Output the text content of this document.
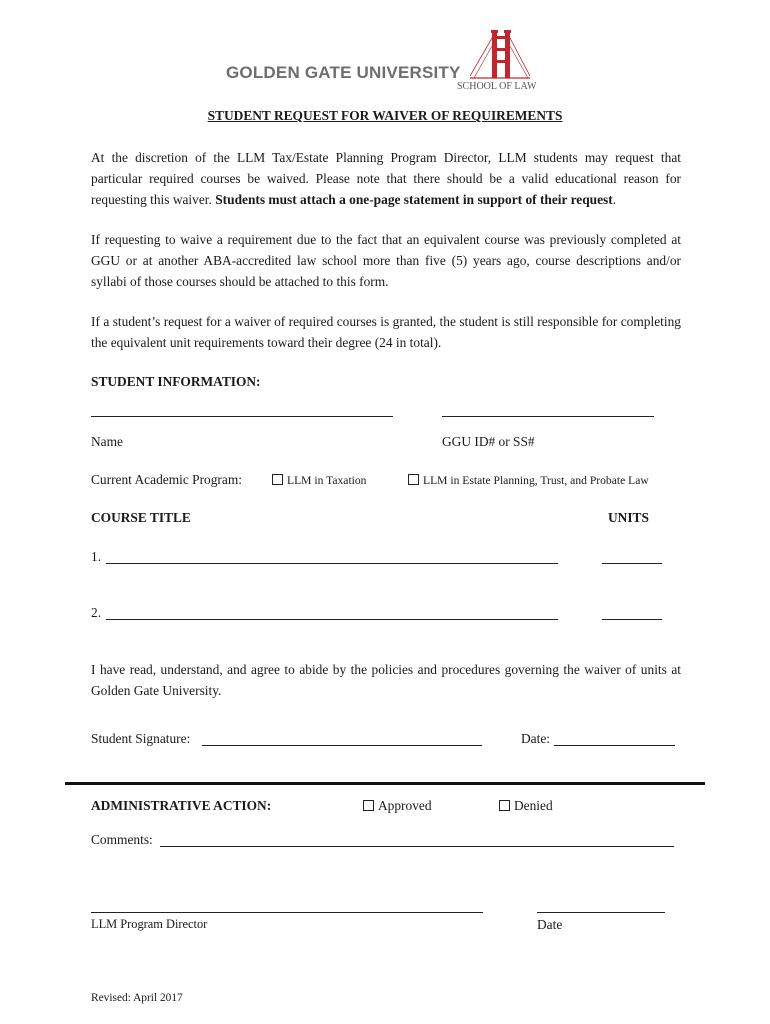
GOLDEN GATE UNIVERSITY
SCHOOL OF LAW
STUDENT REQUEST FOR WAIVER OF REQUIREMENTS
At the discretion of the LLM Tax/Estate Planning Program Director, LLM students may request that particular required courses be waived. Please note that there should be a valid educational reason for requesting this waiver. Students must attach a one-page statement in support of their request.
If requesting to waive a requirement due to the fact that an equivalent course was previously completed at GGU or at another ABA-accredited law school more than five (5) years ago, course descriptions and/or syllabi of those courses should be attached to this form.
If a student’s request for a waiver of required courses is granted, the student is still responsible for completing the equivalent unit requirements toward their degree (24 in total).
STUDENT INFORMATION:
Name	GGU ID# or SS#
Current Academic Program:	LLM in Taxation	LLM in Estate Planning, Trust, and Probate Law
COURSE TITLE	UNITS
1.
2.
I have read, understand, and agree to abide by the policies and procedures governing the waiver of units at Golden Gate University.
Student Signature:	Date:
ADMINISTRATIVE ACTION:	Approved	Denied
Comments:
LLM Program Director	Date
Revised: April 2017
